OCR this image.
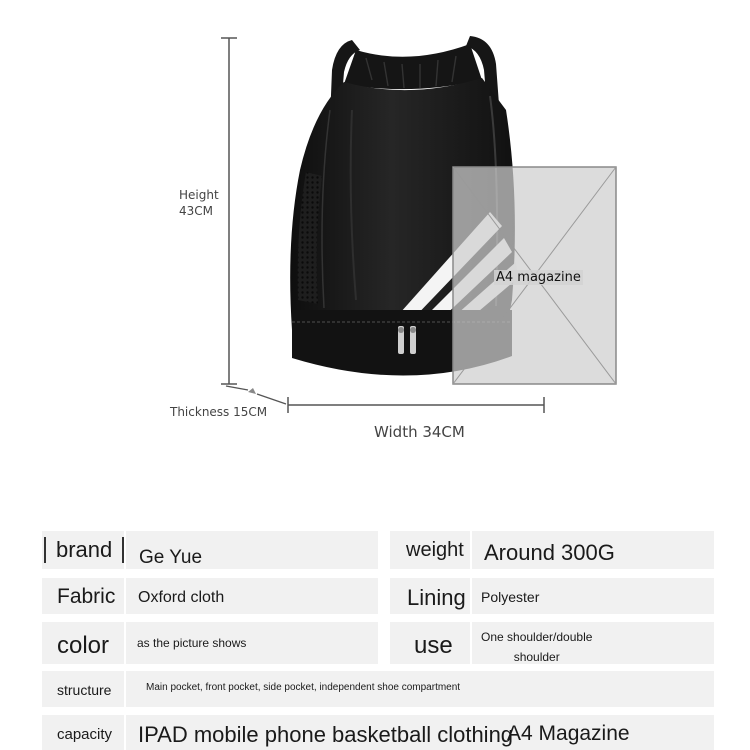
Height
43CM
A4 magazine
Thickness 15CM
Width 34CM
brand	Ge Yue	weight Around 300G
Fabric Oxford cloth	Lining Polyester
color as the picture shows	use One shoulder/double
shoulder
structure	Main pocket, front pocket, side pocket, independent shoe compartment
capacity IPAD mobile phone basketball clothing
A4 Magazine
